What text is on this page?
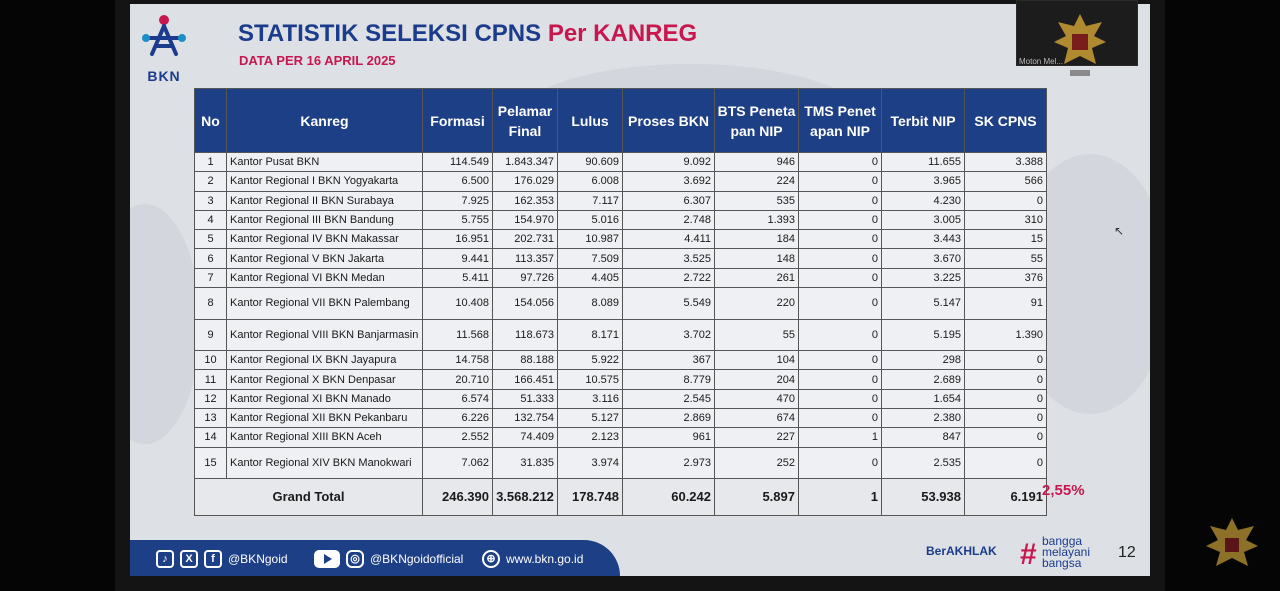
BKN
STATISTIK SELEKSI CPNS Per KANREG
DATA PER 16 APRIL 2025
No	Kanreg	Formasi	Pelamar Final	Lulus	Proses BKN	BTS Penetapan NIP	TMS Penetapan NIP	Terbit NIP	SK CPNS
1	Kantor Pusat BKN	114.549	1.843.347	90.609	9.092	946	0	11.655	3.388
2	Kantor Regional I BKN Yogyakarta	6.500	176.029	6.008	3.692	224	0	3.965	566
3	Kantor Regional II BKN Surabaya	7.925	162.353	7.117	6.307	535	0	4.230	0
4	Kantor Regional III BKN Bandung	5.755	154.970	5.016	2.748	1.393	0	3.005	310
5	Kantor Regional IV BKN Makassar	16.951	202.731	10.987	4.411	184	0	3.443	15
6	Kantor Regional V BKN Jakarta	9.441	113.357	7.509	3.525	148	0	3.670	55
7	Kantor Regional VI BKN Medan	5.411	97.726	4.405	2.722	261	0	3.225	376
8	Kantor Regional VII BKN Palembang	10.408	154.056	8.089	5.549	220	0	5.147	91
9	Kantor Regional VIII BKN Banjarmasin	11.568	118.673	8.171	3.702	55	0	5.195	1.390
10	Kantor Regional IX BKN Jayapura	14.758	88.188	5.922	367	104	0	298	0
11	Kantor Regional X BKN Denpasar	20.710	166.451	10.575	8.779	204	0	2.689	0
12	Kantor Regional XI BKN Manado	6.574	51.333	3.116	2.545	470	0	1.654	0
13	Kantor Regional XII BKN Pekanbaru	6.226	132.754	5.127	2.869	674	0	2.380	0
14	Kantor Regional XIII BKN Aceh	2.552	74.409	2.123	961	227	1	847	0
15	Kantor Regional XIV BKN Manokwari	7.062	31.835	3.974	2.973	252	0	2.535	0
Grand Total		246.390	3.568.212	178.748	60.242	5.897	1	53.938	6.191 2,55%
♪	X	f	@BKNgoid	◎ @BKNgoidofficial	⊕ www.bkn.go.id
BerAKHLAK # bangga
melayani
bangsa
12
Moton Mel...
↖
